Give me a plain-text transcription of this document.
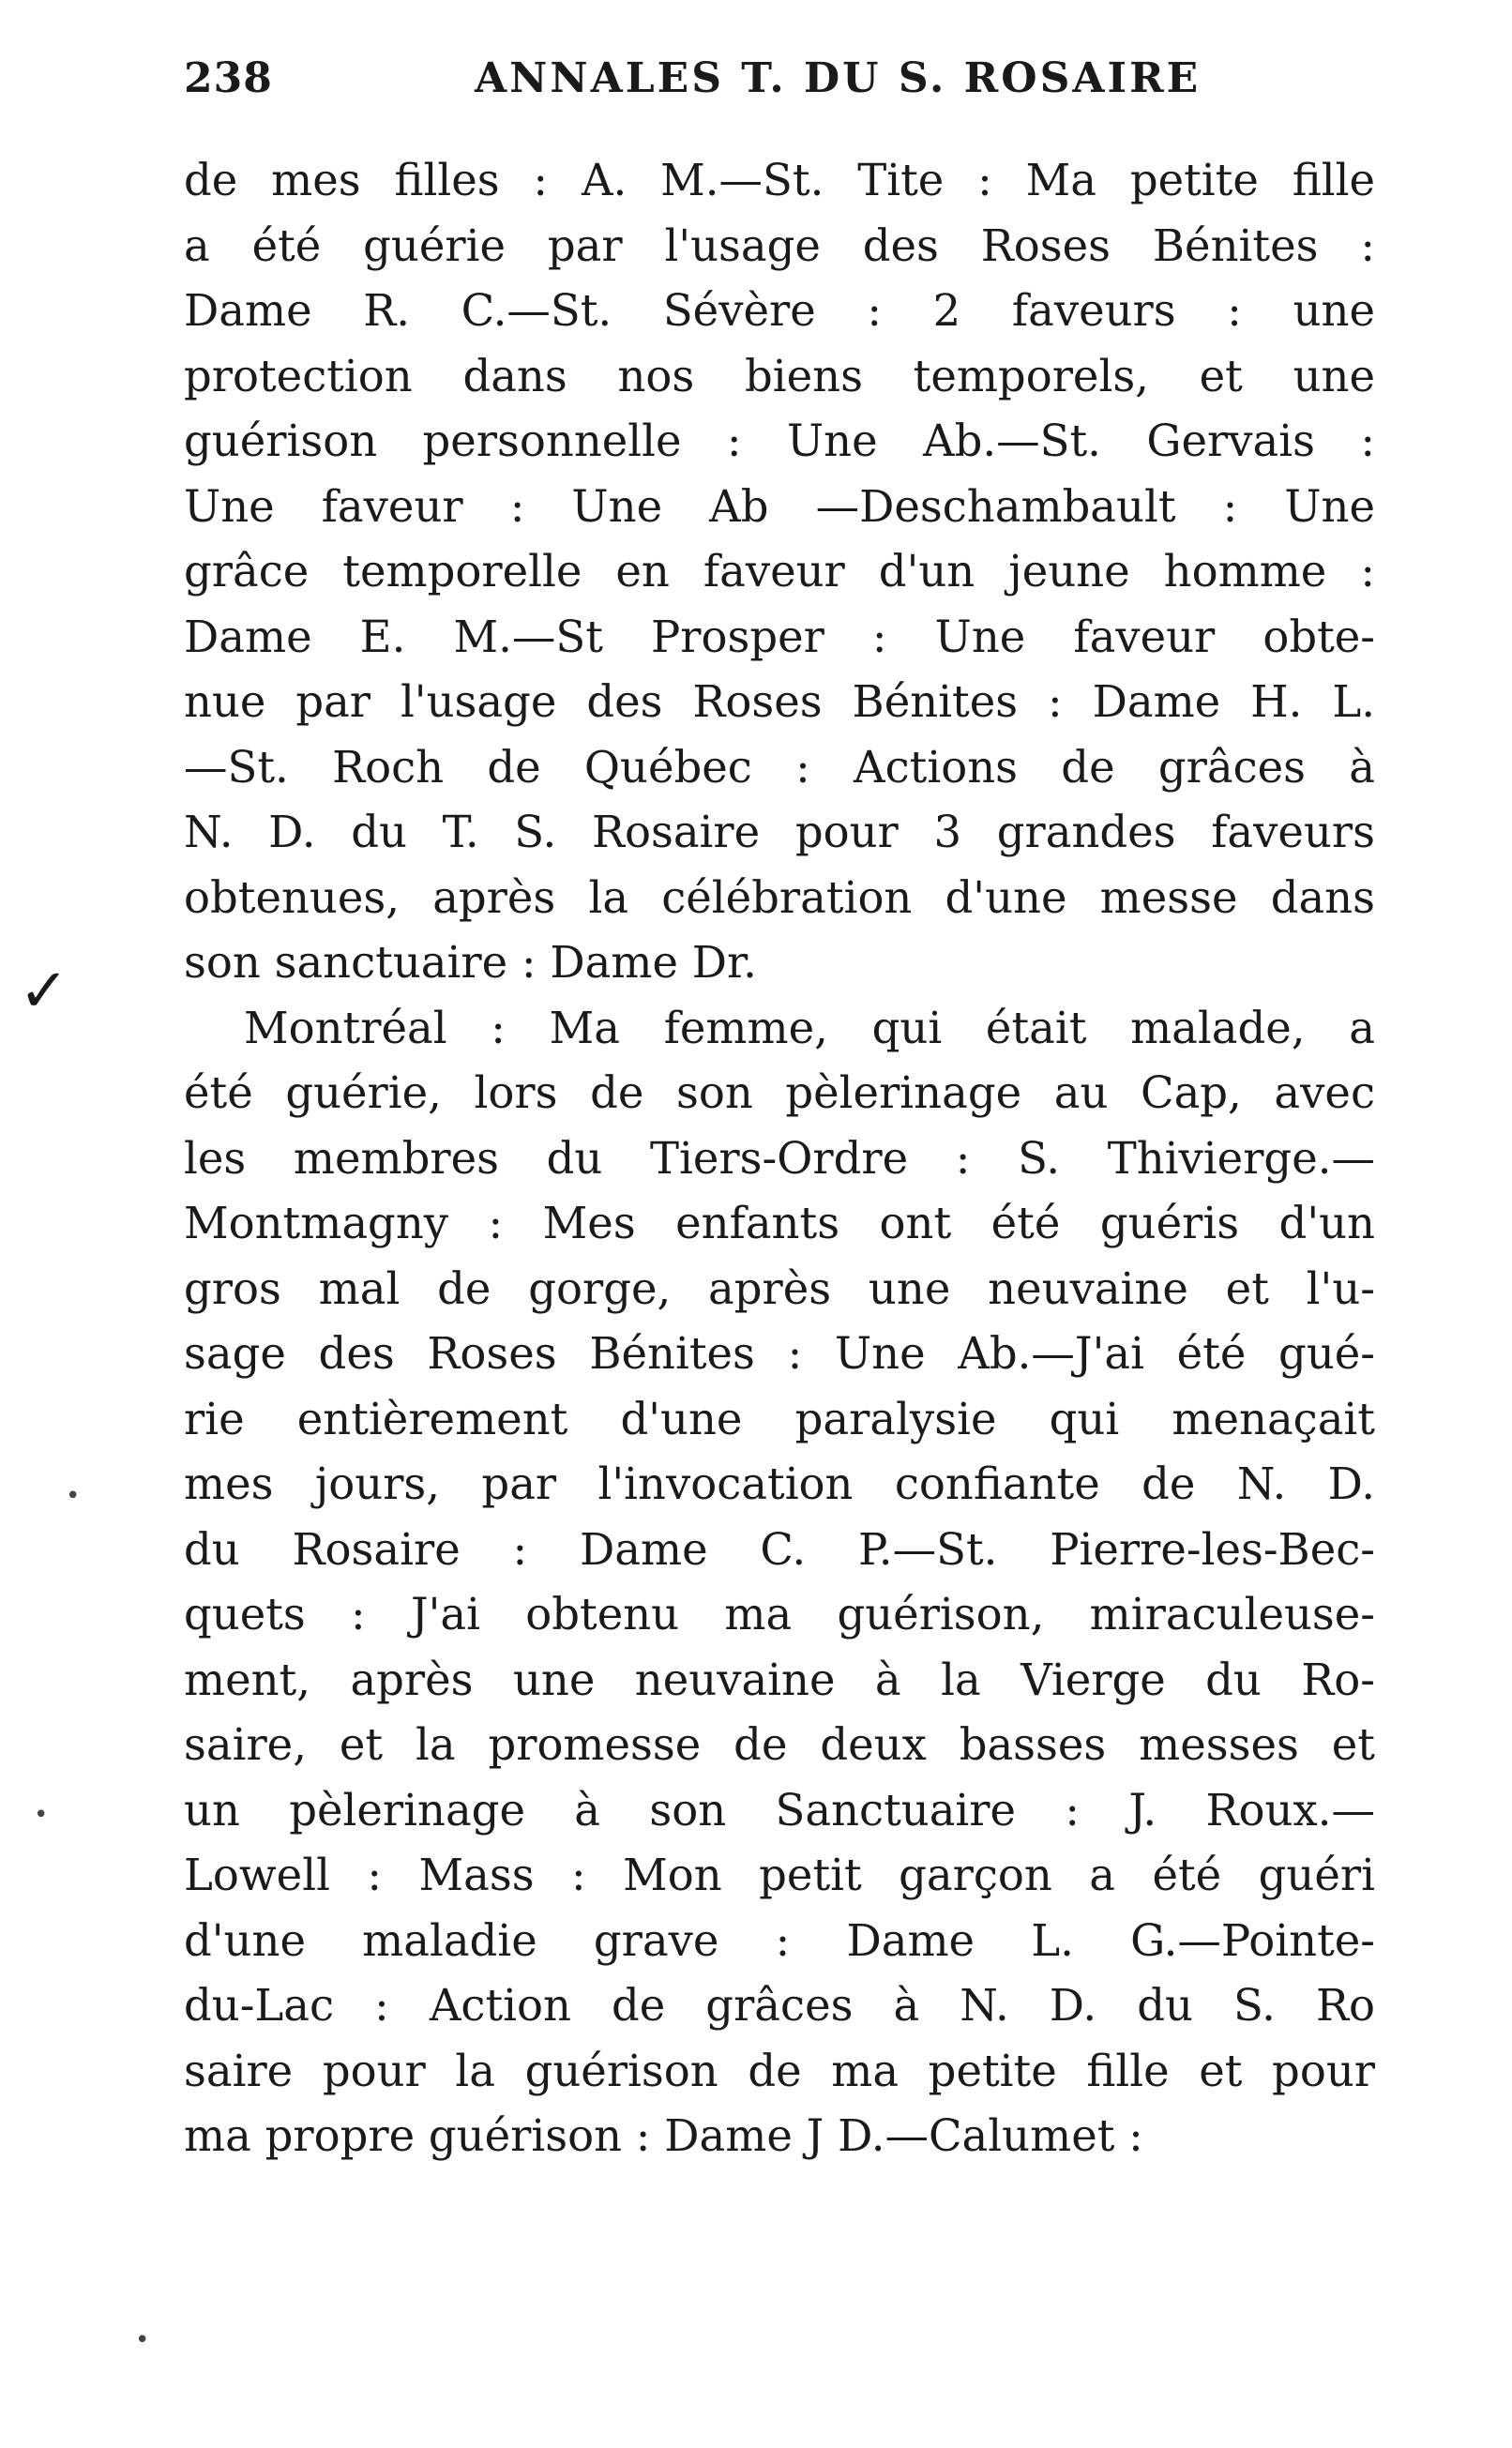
238	ANNALES T. DU S. ROSAIRE
✓
•
•
•
de mes filles : A. M.—St. Tite : Ma petite fille
a été guérie par l'usage des Roses Bénites :
Dame R. C.—St. Sévère : 2 faveurs : une
protection dans nos biens temporels, et une
guérison personnelle : Une Ab.—St. Gervais :
Une faveur : Une Ab —Deschambault : Une
grâce temporelle en faveur d'un jeune homme :
Dame E. M.—St Prosper : Une faveur obte-
nue par l'usage des Roses Bénites : Dame H. L.
—St. Roch de Québec : Actions de grâces à
N. D. du T. S. Rosaire pour 3 grandes faveurs
obtenues, après la célébration d'une messe dans
son sanctuaire : Dame Dr.
Montréal : Ma femme, qui était malade, a
été guérie, lors de son pèlerinage au Cap, avec
les membres du Tiers-Ordre : S. Thivierge.—
Montmagny : Mes enfants ont été guéris d'un
gros mal de gorge, après une neuvaine et l'u-
sage des Roses Bénites : Une Ab.—J'ai été gué-
rie entièrement d'une paralysie qui menaçait
mes jours, par l'invocation confiante de N. D.
du Rosaire : Dame C. P.—St. Pierre-les-Bec-
quets : J'ai obtenu ma guérison, miraculeuse-
ment, après une neuvaine à la Vierge du Ro-
saire, et la promesse de deux basses messes et
un pèlerinage à son Sanctuaire : J. Roux.—
Lowell : Mass : Mon petit garçon a été guéri
d'une maladie grave : Dame L. G.—Pointe-
du-Lac : Action de grâces à N. D. du S. Ro
saire pour la guérison de ma petite fille et pour
ma propre guérison : Dame J D.—Calumet :
